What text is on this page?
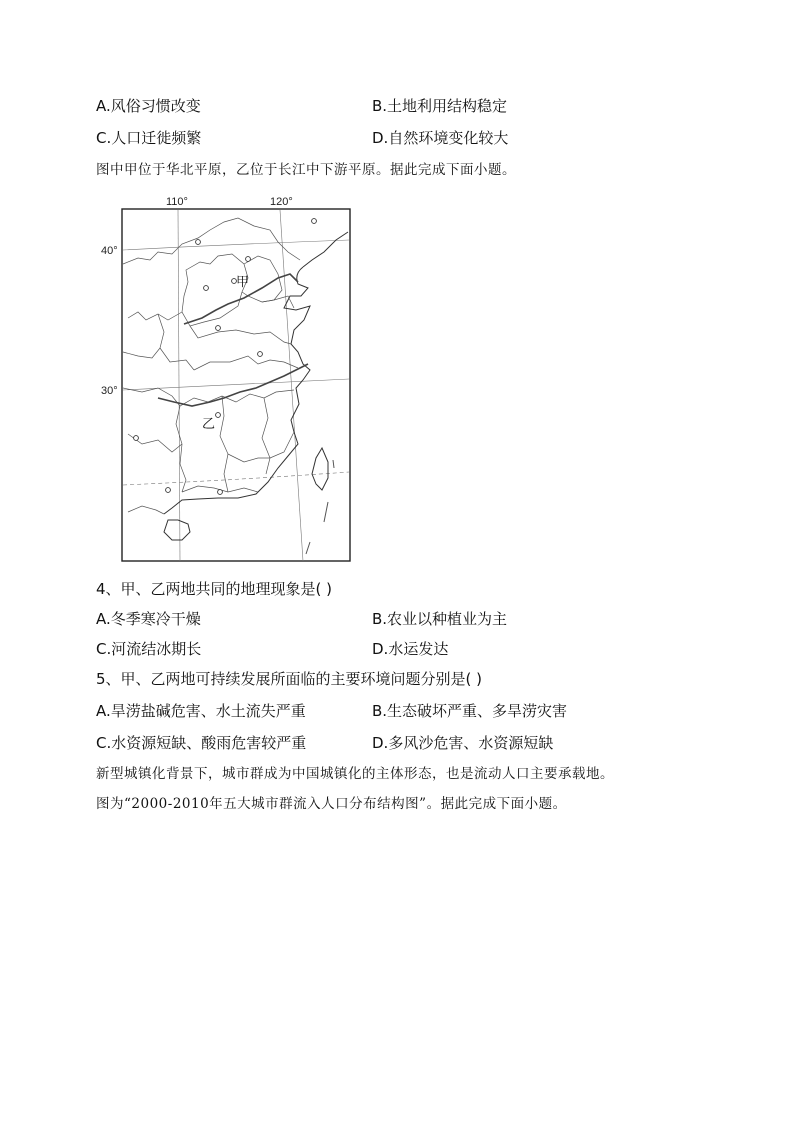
A.风俗习惯改变	B.土地利用结构稳定
C.人口迁徙频繁	D.自然环境变化较大
图中甲位于华北平原，乙位于长江中下游平原。据此完成下面小题。
110°	120°
40°
30°
甲
乙
4、甲、乙两地共同的地理现象是( )
A.冬季寒冷干燥	B.农业以种植业为主
C.河流结冰期长	D.水运发达
5、甲、乙两地可持续发展所面临的主要环境问题分别是( )
A.旱涝盐碱危害、水土流失严重	B.生态破坏严重、多旱涝灾害
C.水资源短缺、酸雨危害较严重	D.多风沙危害、水资源短缺
新型城镇化背景下，城市群成为中国城镇化的主体形态，也是流动人口主要承载地。
图为“2000-2010年五大城市群流入人口分布结构图”。据此完成下面小题。
